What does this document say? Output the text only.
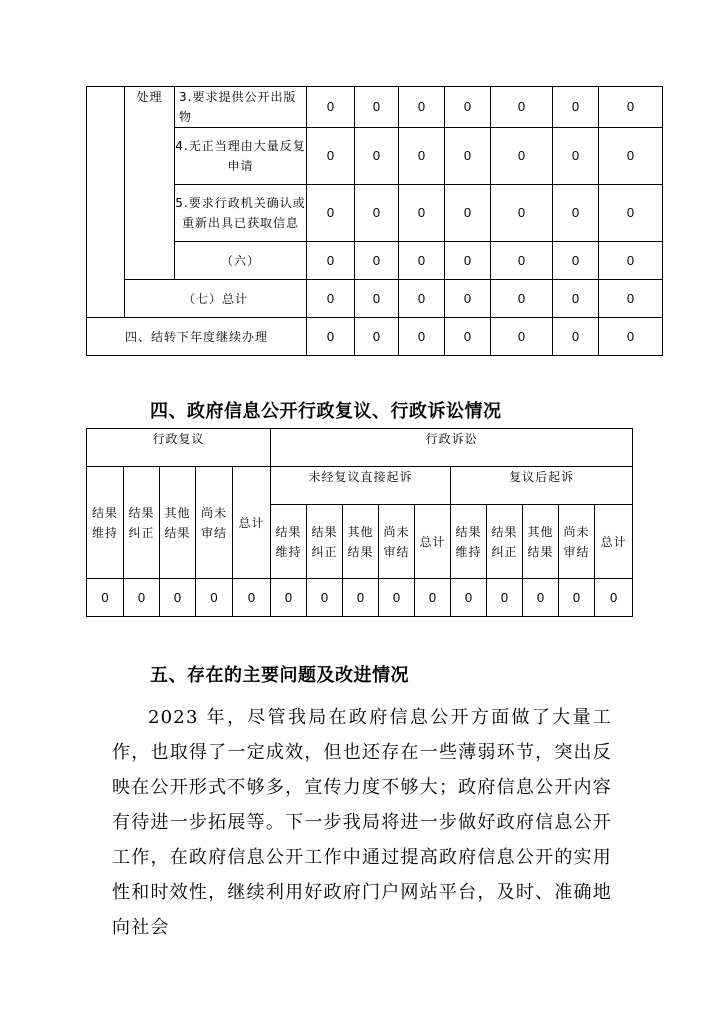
	处理	3.要求提供公开出版物	0	0	0	0	0	0	0
		4.无正当理由大量反复申请	0	0	0	0	0	0	0
		5.要求行政机关确认或重新出具已获取信息	0	0	0	0	0	0	0
		（六）	0	0	0	0	0	0	0
	（七）总计		0	0	0	0	0	0	0
四、结转下年度继续办理			0	0	0	0	0	0	0
四、政府信息公开行政复议、行政诉讼情况
行政复议					行政诉讼									
结果维持	结果纠正	其他结果	尚未审结	总计	未经复议直接起诉					复议后起诉				
					结果维持	结果纠正	其他结果	尚未审结	总计	结果维持	结果纠正	其他结果	尚未审结	总计
0	0	0	0	0	0	0	0	0	0	0	0	0	0	0
五、存在的主要问题及改进情况

2023 年，尽管我局在政府信息公开方面做了大量工作，也取得了一定成效，但也还存在一些薄弱环节，突出反映在公开形式不够多，宣传力度不够大；政府信息公开内容有待进一步拓展等。下一步我局将进一步做好政府信息公开工作，在政府信息公开工作中通过提高政府信息公开的实用性和时效性，继续利用好政府门户网站平台，及时、准确地向社会
